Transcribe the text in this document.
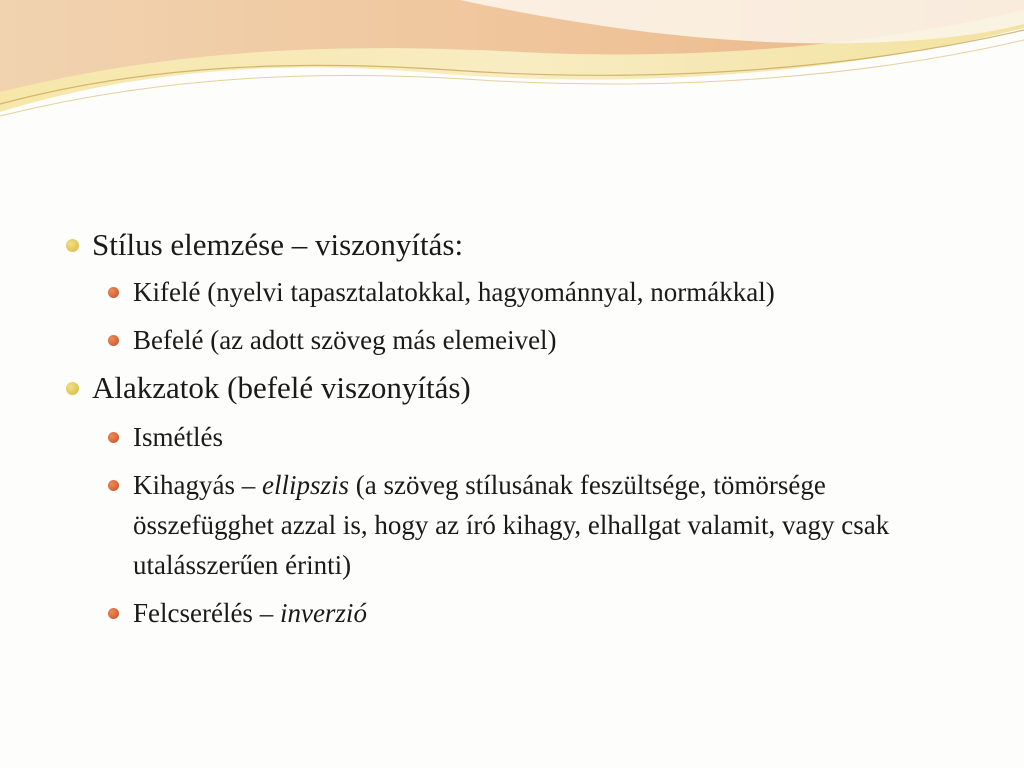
Stílus elemzése – viszonyítás:
Kifelé (nyelvi tapasztalatokkal, hagyománnyal, normákkal)
Befelé (az adott szöveg más elemeivel)
Alakzatok (befelé viszonyítás)
Ismétlés
Kihagyás – ellipszis (a szöveg stílusának feszültsége, tömörsége összefügghet azzal is, hogy az író kihagy, elhallgat valamit, vagy csak utalásszerűen érinti)
Felcserélés – inverzió
